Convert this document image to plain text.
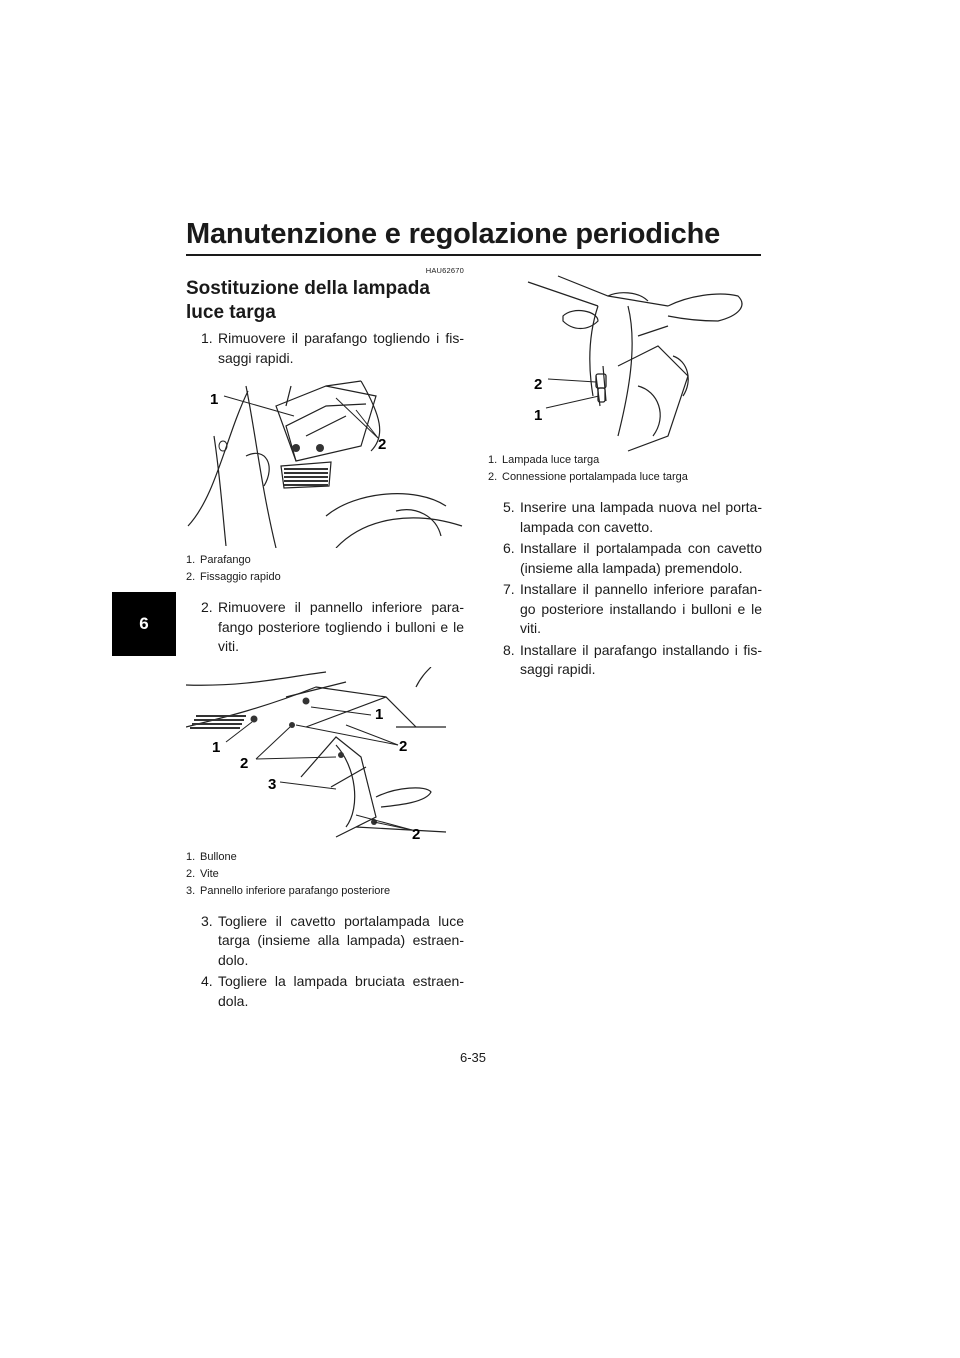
Manutenzione e regolazione periodiche
6
HAU62670
Sostituzione della lampada luce targa
1. Rimuovere il parafango togliendo i fis-saggi rapidi.
1
2
1. Parafango
2. Fissaggio rapido
2. Rimuovere il pannello inferiore para-fango posteriore togliendo i bulloni e le viti.
1
1	2
2
2
3
1. Bullone
2. Vite
3. Pannello inferiore parafango posteriore
3. Togliere il cavetto portalampada luce targa (insieme alla lampada) estraen-dolo.
4. Togliere la lampada bruciata estraen-dola.
2
1
1. Lampada luce targa
2. Connessione portalampada luce targa
5. Inserire una lampada nuova nel porta-lampada con cavetto.
6. Installare il portalampada con cavetto (insieme alla lampada) premendolo.
7. Installare il pannello inferiore parafan-go posteriore installando i bulloni e le viti.
8. Installare il parafango installando i fis-saggi rapidi.
6-35
